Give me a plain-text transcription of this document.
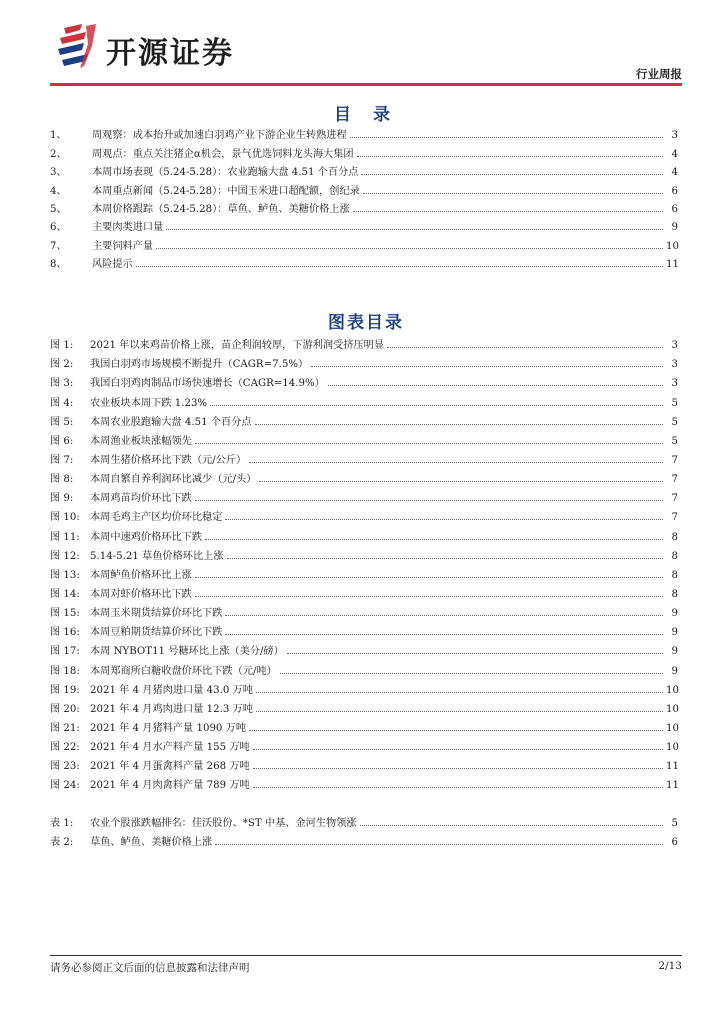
开源证券
行业周报
目 录
1、	周观察：成本抬升或加速白羽鸡产业下游企业生转熟进程	3
2、	周观点：重点关注猪企α机会，景气优选饲料龙头海大集团	4
3、	本周市场表现（5.24-5.28）：农业跑输大盘 4.51 个百分点	4
4、	本周重点新闻（5.24-5.28）：中国玉米进口超配额，创纪录	6
5、	本周价格跟踪（5.24-5.28）：草鱼、鲈鱼、美糖价格上涨	6
6、	主要肉类进口量	9
7、	主要饲料产量	10
8、	风险提示	11
图表目录
图 1:	2021 年以来鸡苗价格上涨，苗企利润较厚，下游利润受挤压明显	3
图 2:	我国白羽鸡市场规模不断提升（CAGR=7.5%）	3
图 3:	我国白羽鸡肉制品市场快速增长（CAGR=14.9%）	3
图 4:	农业板块本周下跌 1.23%	5
图 5:	本周农业股跑输大盘 4.51 个百分点	5
图 6:	本周渔业板块涨幅领先	5
图 7:	本周生猪价格环比下跌（元/公斤）	7
图 8:	本周自繁自养利润环比减少（元/头）	7
图 9:	本周鸡苗均价环比下跌	7
图 10: 本周毛鸡主产区均价环比稳定	7
图 11: 本周中速鸡价格环比下跌	8
图 12: 5.14-5.21 草鱼价格环比上涨	8
图 13: 本周鲈鱼价格环比上涨	8
图 14: 本周对虾价格环比下跌	8
图 15: 本周玉米期货结算价环比下跌	9
图 16: 本周豆粕期货结算价环比下跌	9
图 17: 本周 NYBOT11 号糖环比上涨（美分/磅）	9
图 18: 本周郑商所白糖收盘价环比下跌（元/吨）	9
图 19: 2021 年 4 月猪肉进口量 43.0 万吨	10
图 20: 2021 年 4 月鸡肉进口量 12.3 万吨	10
图 21: 2021 年 4 月猪料产量 1090 万吨	10
图 22: 2021 年 4 月水产料产量 155 万吨	10
图 23: 2021 年 4 月蛋禽料产量 268 万吨	11
图 24: 2021 年 4 月肉禽料产量 789 万吨	11
表 1:	农业个股涨跌幅排名：佳沃股份、*ST 中基、金河生物领涨	5
表 2:	草鱼、鲈鱼、美糖价格上涨	6
请务必参阅正文后面的信息披露和法律声明	2/13
